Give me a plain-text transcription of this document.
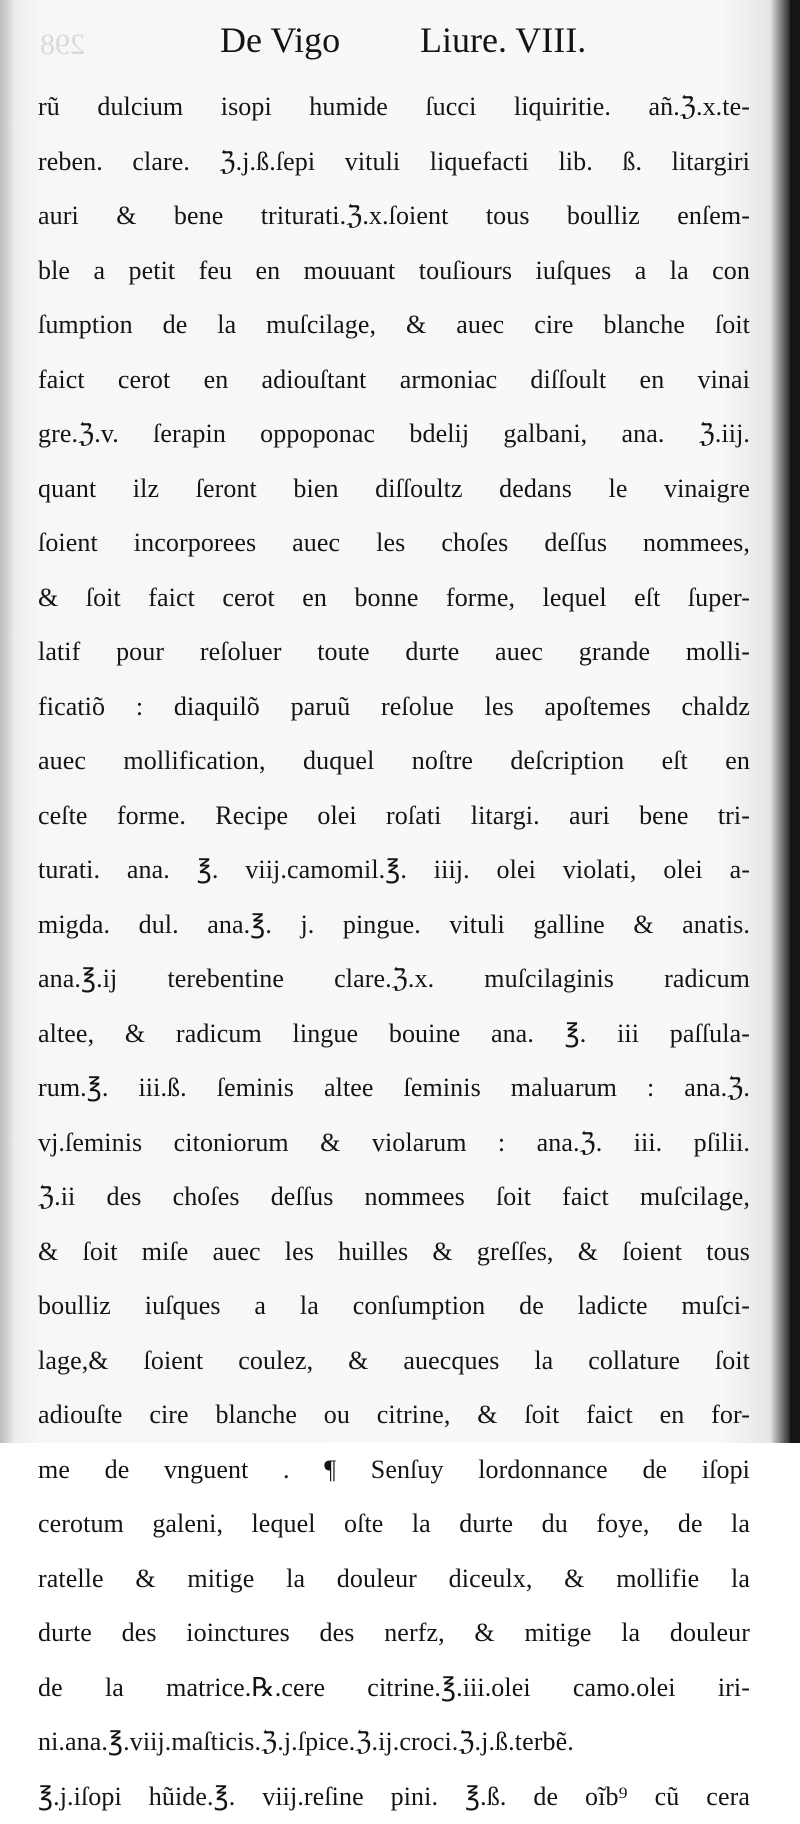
298	De Vigo Liure. VIII.
rũ dulcium isopi humide ſucci liquiritie. añ.ℨ.x.te-
reben. clare. ℨ.j.ß.ſepi vituli liquefacti lib. ß. litargiri
auri & bene triturati.ℨ.x.ſoient tous boulliz enſem-
ble a petit feu en mouuant touſiours iuſques a la con
ſumption de la muſcilage, & auec cire blanche ſoit
faict cerot en adiouſtant armoniac diſſoult en vinai
gre.ℨ.v. ſerapin oppoponac bdelij galbani, ana. ℨ.iij.
quant ilz ſeront bien diſſoultz dedans le vinaigre
ſoient incorporees auec les choſes deſſus nommees,
& ſoit faict cerot en bonne forme, lequel eſt ſuper-
latif pour reſoluer toute durte auec grande molli-
ficatiõ : diaquilõ paruũ reſolue les apoſtemes chaldz
auec mollification, duquel noſtre deſcription eſt en
ceſte forme. Recipe olei roſati litargi. auri bene tri-
turati. ana. ℥. viij.camomil.℥. iiij. olei violati, olei a-
migda. dul. ana.℥. j. pingue. vituli galline & anatis.
ana.℥.ij terebentine clare.ℨ.x. muſcilaginis radicum
altee, & radicum lingue bouine ana. ℥. iii paſſula-
rum.℥. iii.ß. ſeminis altee ſeminis maluarum : ana.ℨ.
vj.ſeminis citoniorum & violarum : ana.ℨ. iii. pſilii.
ℨ.ii des choſes deſſus nommees ſoit faict muſcilage,
& ſoit miſe auec les huilles & greſſes, & ſoient tous
boulliz iuſques a la conſumption de ladicte muſci-
lage,& ſoient coulez, & auecques la collature ſoit
adiouſte cire blanche ou citrine, & ſoit faict en for-
me de vnguent . ¶ Senſuy lordonnance de iſopi
cerotum galeni, lequel oſte la durte du foye, de la
ratelle & mitige la douleur diceulx, & mollifie la
durte des ioinctures des nerfz, & mitige la douleur
de la matrice.℞.cere citrine.℥.iii.olei camo.olei iri-
ni.ana.℥.viij.maſticis.ℨ.j.ſpice.ℨ.ij.croci.ℨ.j.ß.terbẽ.
℥.j.iſopi hũide.℥. viij.reſine pini. ℥.ß. de oĩb⁹ cũ cera
